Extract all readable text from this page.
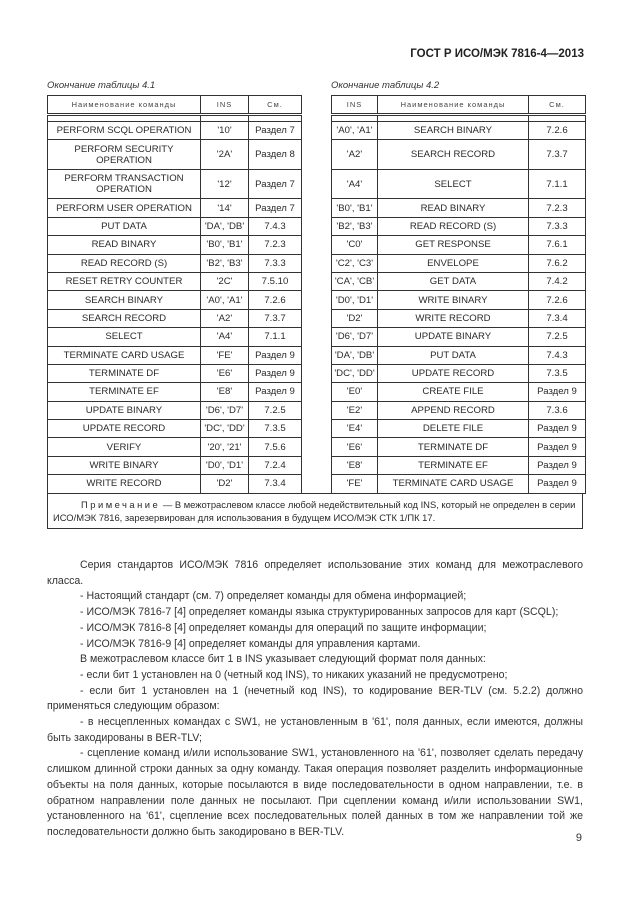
ГОСТ Р ИСО/МЭК 7816-4—2013
Окончание таблицы 4.1	Окончание таблицы 4.2
Наименование команды	INS	См.

PERFORM SCQL OPERATION	'10'	Раздел 7
PERFORM SECURITY OPERATION	'2A'	Раздел 8
PERFORM TRANSACTION OPERATION	'12'	Раздел 7
PERFORM USER OPERATION	'14'	Раздел 7
PUT DATA	'DA', 'DB'	7.4.3
READ BINARY	'B0', 'B1'	7.2.3
READ RECORD (S)	'B2', 'B3'	7.3.3
RESET RETRY COUNTER	'2C'	7.5.10
SEARCH BINARY	'A0', 'A1'	7.2.6
SEARCH RECORD	'A2'	7.3.7
SELECT	'A4'	7.1.1
TERMINATE CARD USAGE	'FE'	Раздел 9
TERMINATE DF	'E6'	Раздел 9
TERMINATE EF	'E8'	Раздел 9
UPDATE BINARY	'D6', 'D7'	7.2.5
UPDATE RECORD	'DC', 'DD'	7.3.5
VERIFY	'20', '21'	7.5.6
WRITE BINARY	'D0', 'D1'	7.2.4
WRITE RECORD	'D2'	7.3.4
INS	Наименование команды	См.

'A0', 'A1'	SEARCH BINARY	7.2.6
'A2'	SEARCH RECORD	7.3.7
'A4'	SELECT	7.1.1
'B0', 'B1'	READ BINARY	7.2.3
'B2', 'B3'	READ RECORD (S)	7.3.3
'C0'	GET RESPONSE	7.6.1
'C2', 'C3'	ENVELOPE	7.6.2
'CA', 'CB'	GET DATA	7.4.2
'D0', 'D1'	WRITE BINARY	7.2.6
'D2'	WRITE RECORD	7.3.4
'D6', 'D7'	UPDATE BINARY	7.2.5
'DA', 'DB'	PUT DATA	7.4.3
'DC', 'DD'	UPDATE RECORD	7.3.5
'E0'	CREATE FILE	Раздел 9
'E2'	APPEND RECORD	7.3.6
'E4'	DELETE FILE	Раздел 9
'E6'	TERMINATE DF	Раздел 9
'E8'	TERMINATE EF	Раздел 9
'FE'	TERMINATE CARD USAGE	Раздел 9
Примечание — В межотраслевом классе любой недействительный код INS, который не определен в серии ИСО/МЭК 7816, зарезервирован для использования в будущем ИСО/МЭК СТК 1/ПК 17.

Серия стандартов ИСО/МЭК 7816 определяет использование этих команд для межотраслевого класса.

- Настоящий стандарт (см. 7) определяет команды для обмена информацией;

- ИСО/МЭК 7816-7 [4] определяет команды языка структурированных запросов для карт (SCQL);

- ИСО/МЭК 7816-8 [4] определяет команды для операций по защите информации;

- ИСО/МЭК 7816-9 [4] определяет команды для управления картами.

В межотраслевом классе бит 1 в INS указывает следующий формат поля данных:

- если бит 1 установлен на 0 (четный код INS), то никаких указаний не предусмотрено;

- если бит 1 установлен на 1 (нечетный код INS), то кодирование BER-TLV (см. 5.2.2) должно применяться следующим образом:

- в несцепленных командах с SW1, не установленным в '61', поля данных, если имеются, должны быть закодированы в BER-TLV;

- сцепление команд и/или использование SW1, установленного на '61', позволяет сделать передачу слишком длинной строки данных за одну команду. Такая операция позволяет разделить информационные объекты на поля данных, которые посылаются в виде последовательности в одном направлении, т.е. в обратном направлении поле данных не посылают. При сцеплении команд и/или использовании SW1, установленного на '61', сцепление всех последовательных полей данных в том же направлении той же последовательности должно быть закодировано в BER-TLV.

9
